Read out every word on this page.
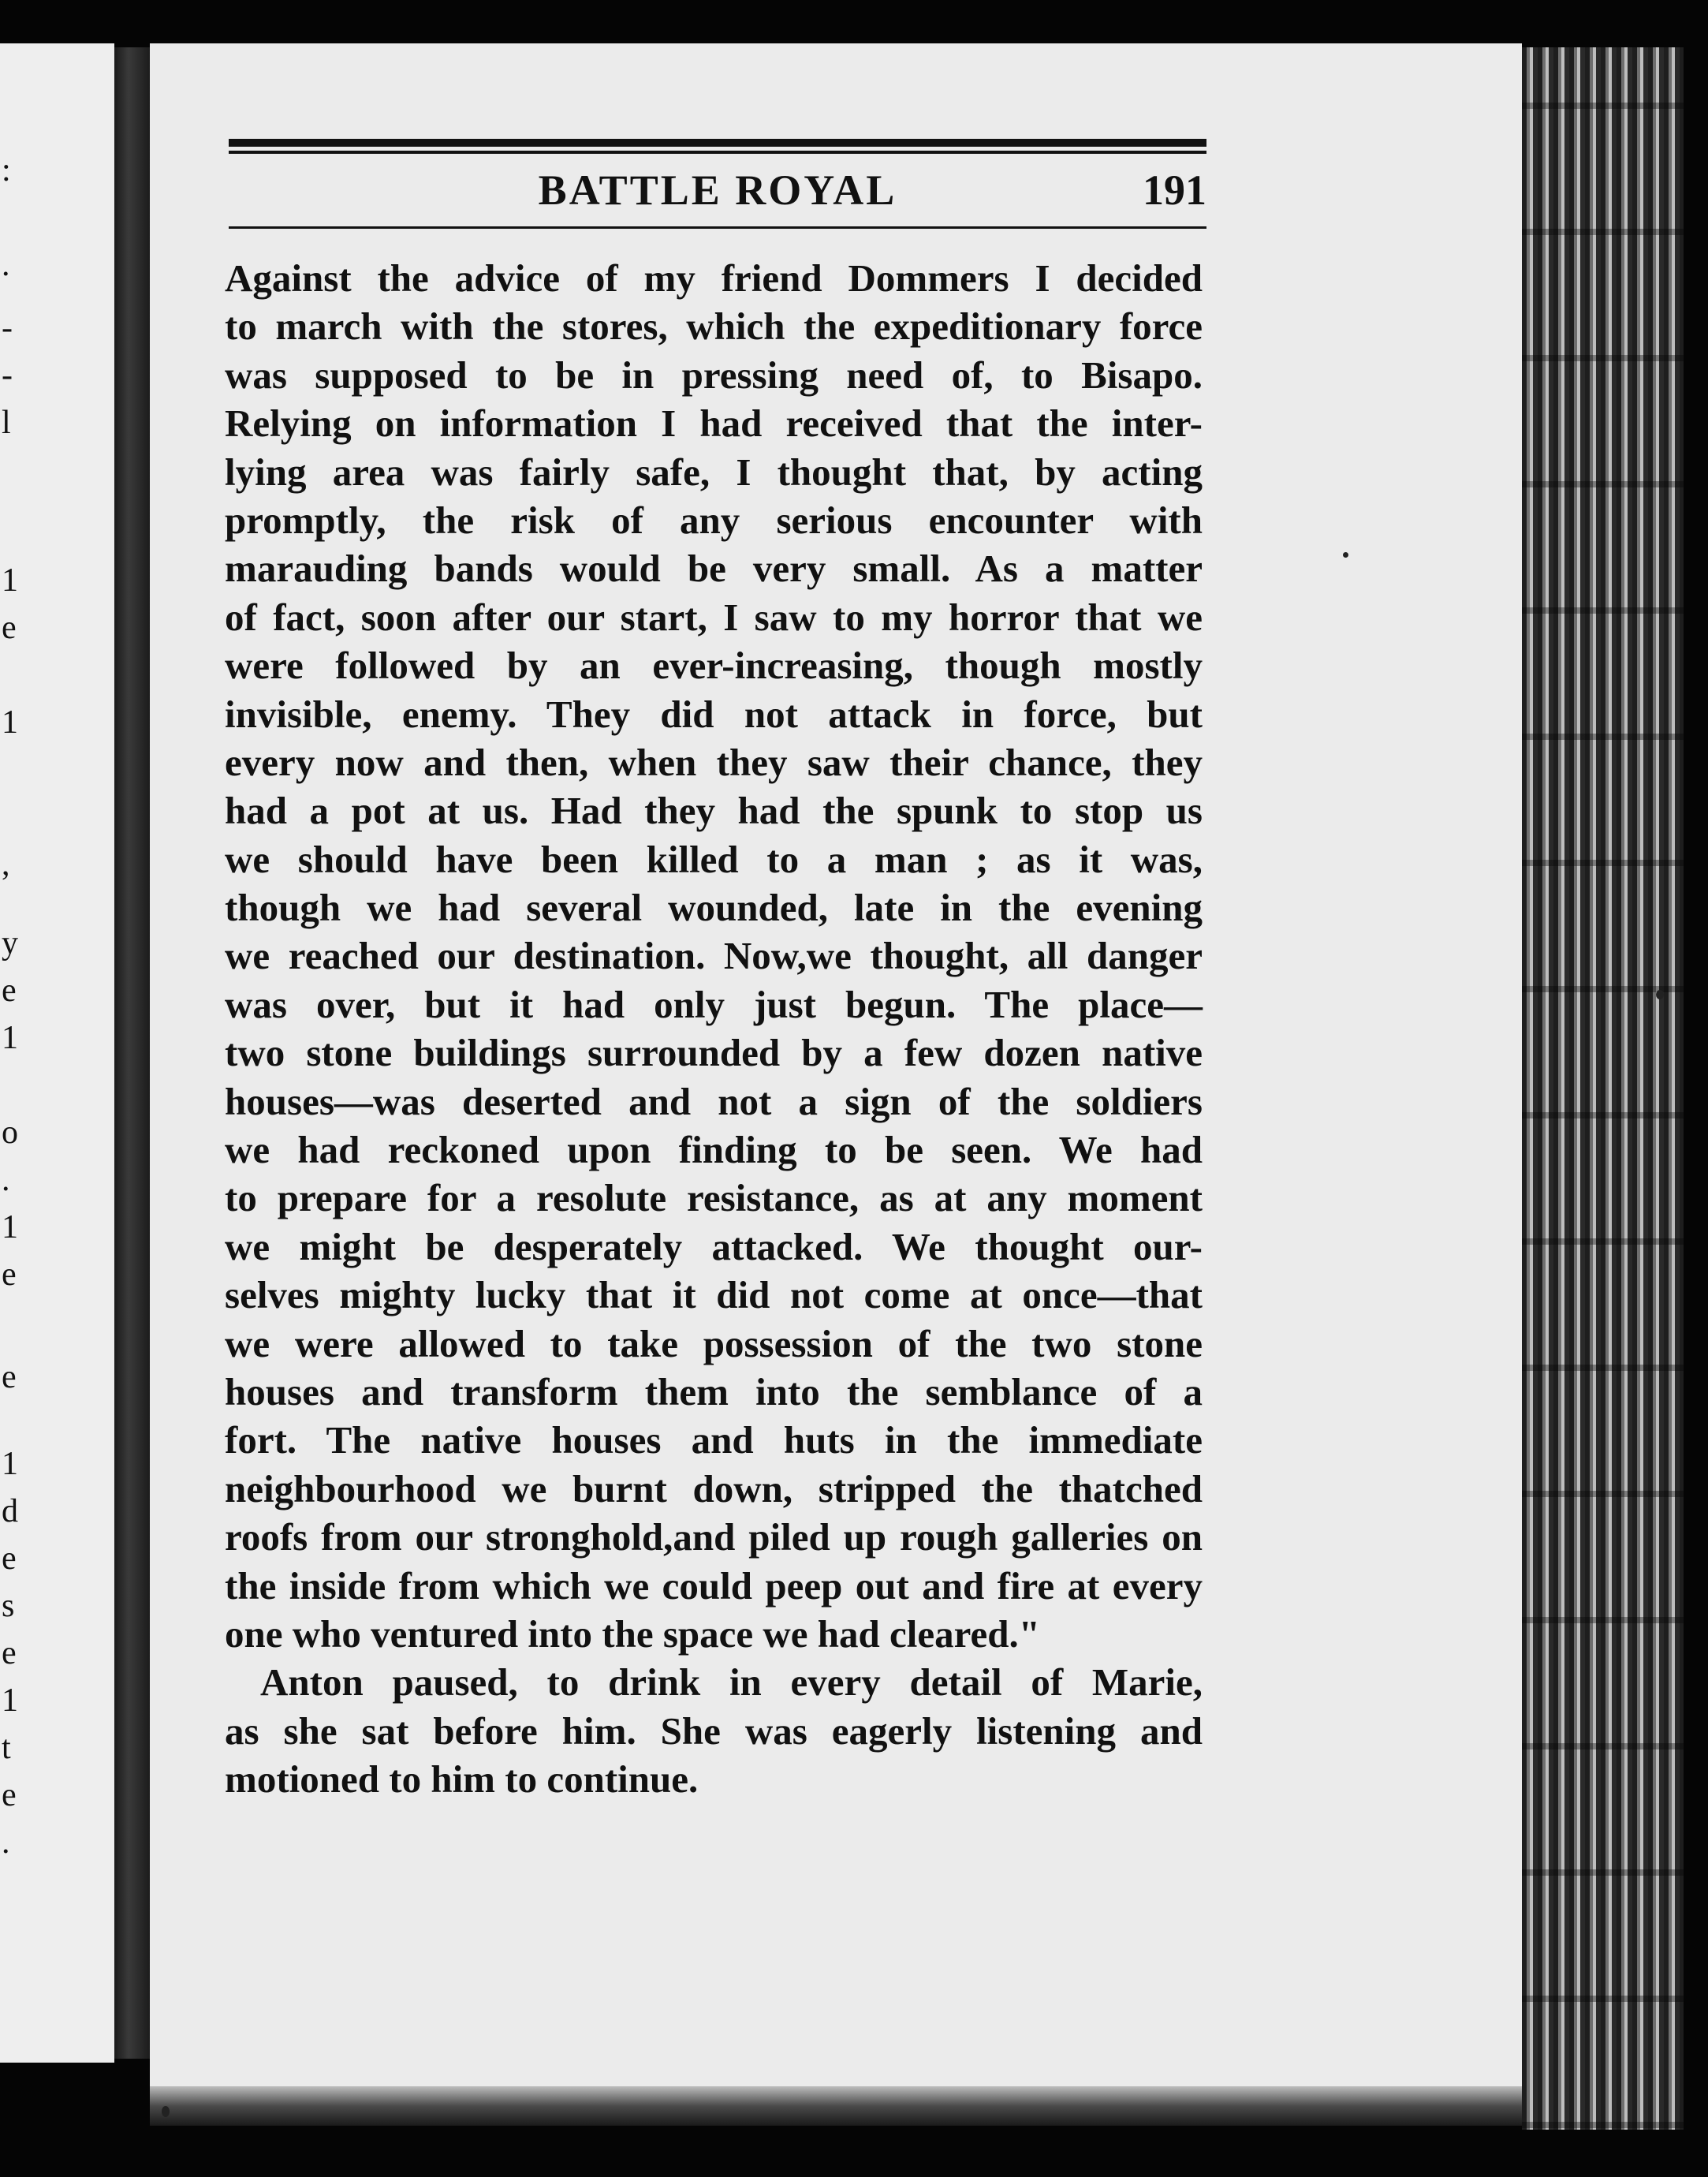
:
.
-
-
l
1
e
1
,
y
e
1
o
.
1
e
e
1
d
e
s
e
1
t
e
.
BATTLE ROYAL	191
Against the advice of my friend Dommers I decided
to march with the stores, which the expeditionary force
was supposed to be in pressing need of, to Bisapo.
Relying on information I had received that the inter-
lying area was fairly safe, I thought that, by acting
promptly, the risk of any serious encounter with
marauding bands would be very small. As a matter
of fact, soon after our start, I saw to my horror that we
were followed by an ever-increasing, though mostly
invisible, enemy. They did not attack in force, but
every now and then, when they saw their chance, they
had a pot at us. Had they had the spunk to stop us
we should have been killed to a man ; as it was,
though we had several wounded, late in the evening
we reached our destination. Now,we thought, all danger
was over, but it had only just begun. The place—
two stone buildings surrounded by a few dozen native
houses—was deserted and not a sign of the soldiers
we had reckoned upon finding to be seen. We had
to prepare for a resolute resistance, as at any moment
we might be desperately attacked. We thought our-
selves mighty lucky that it did not come at once—that
we were allowed to take possession of the two stone
houses and transform them into the semblance of a
fort. The native houses and huts in the immediate
neighbourhood we burnt down, stripped the thatched
roofs from our stronghold,and piled up rough galleries on
the inside from which we could peep out and fire at every
one who ventured into the space we had cleared."
Anton paused, to drink in every detail of Marie,
as she sat before him. She was eagerly listening and
motioned to him to continue.
